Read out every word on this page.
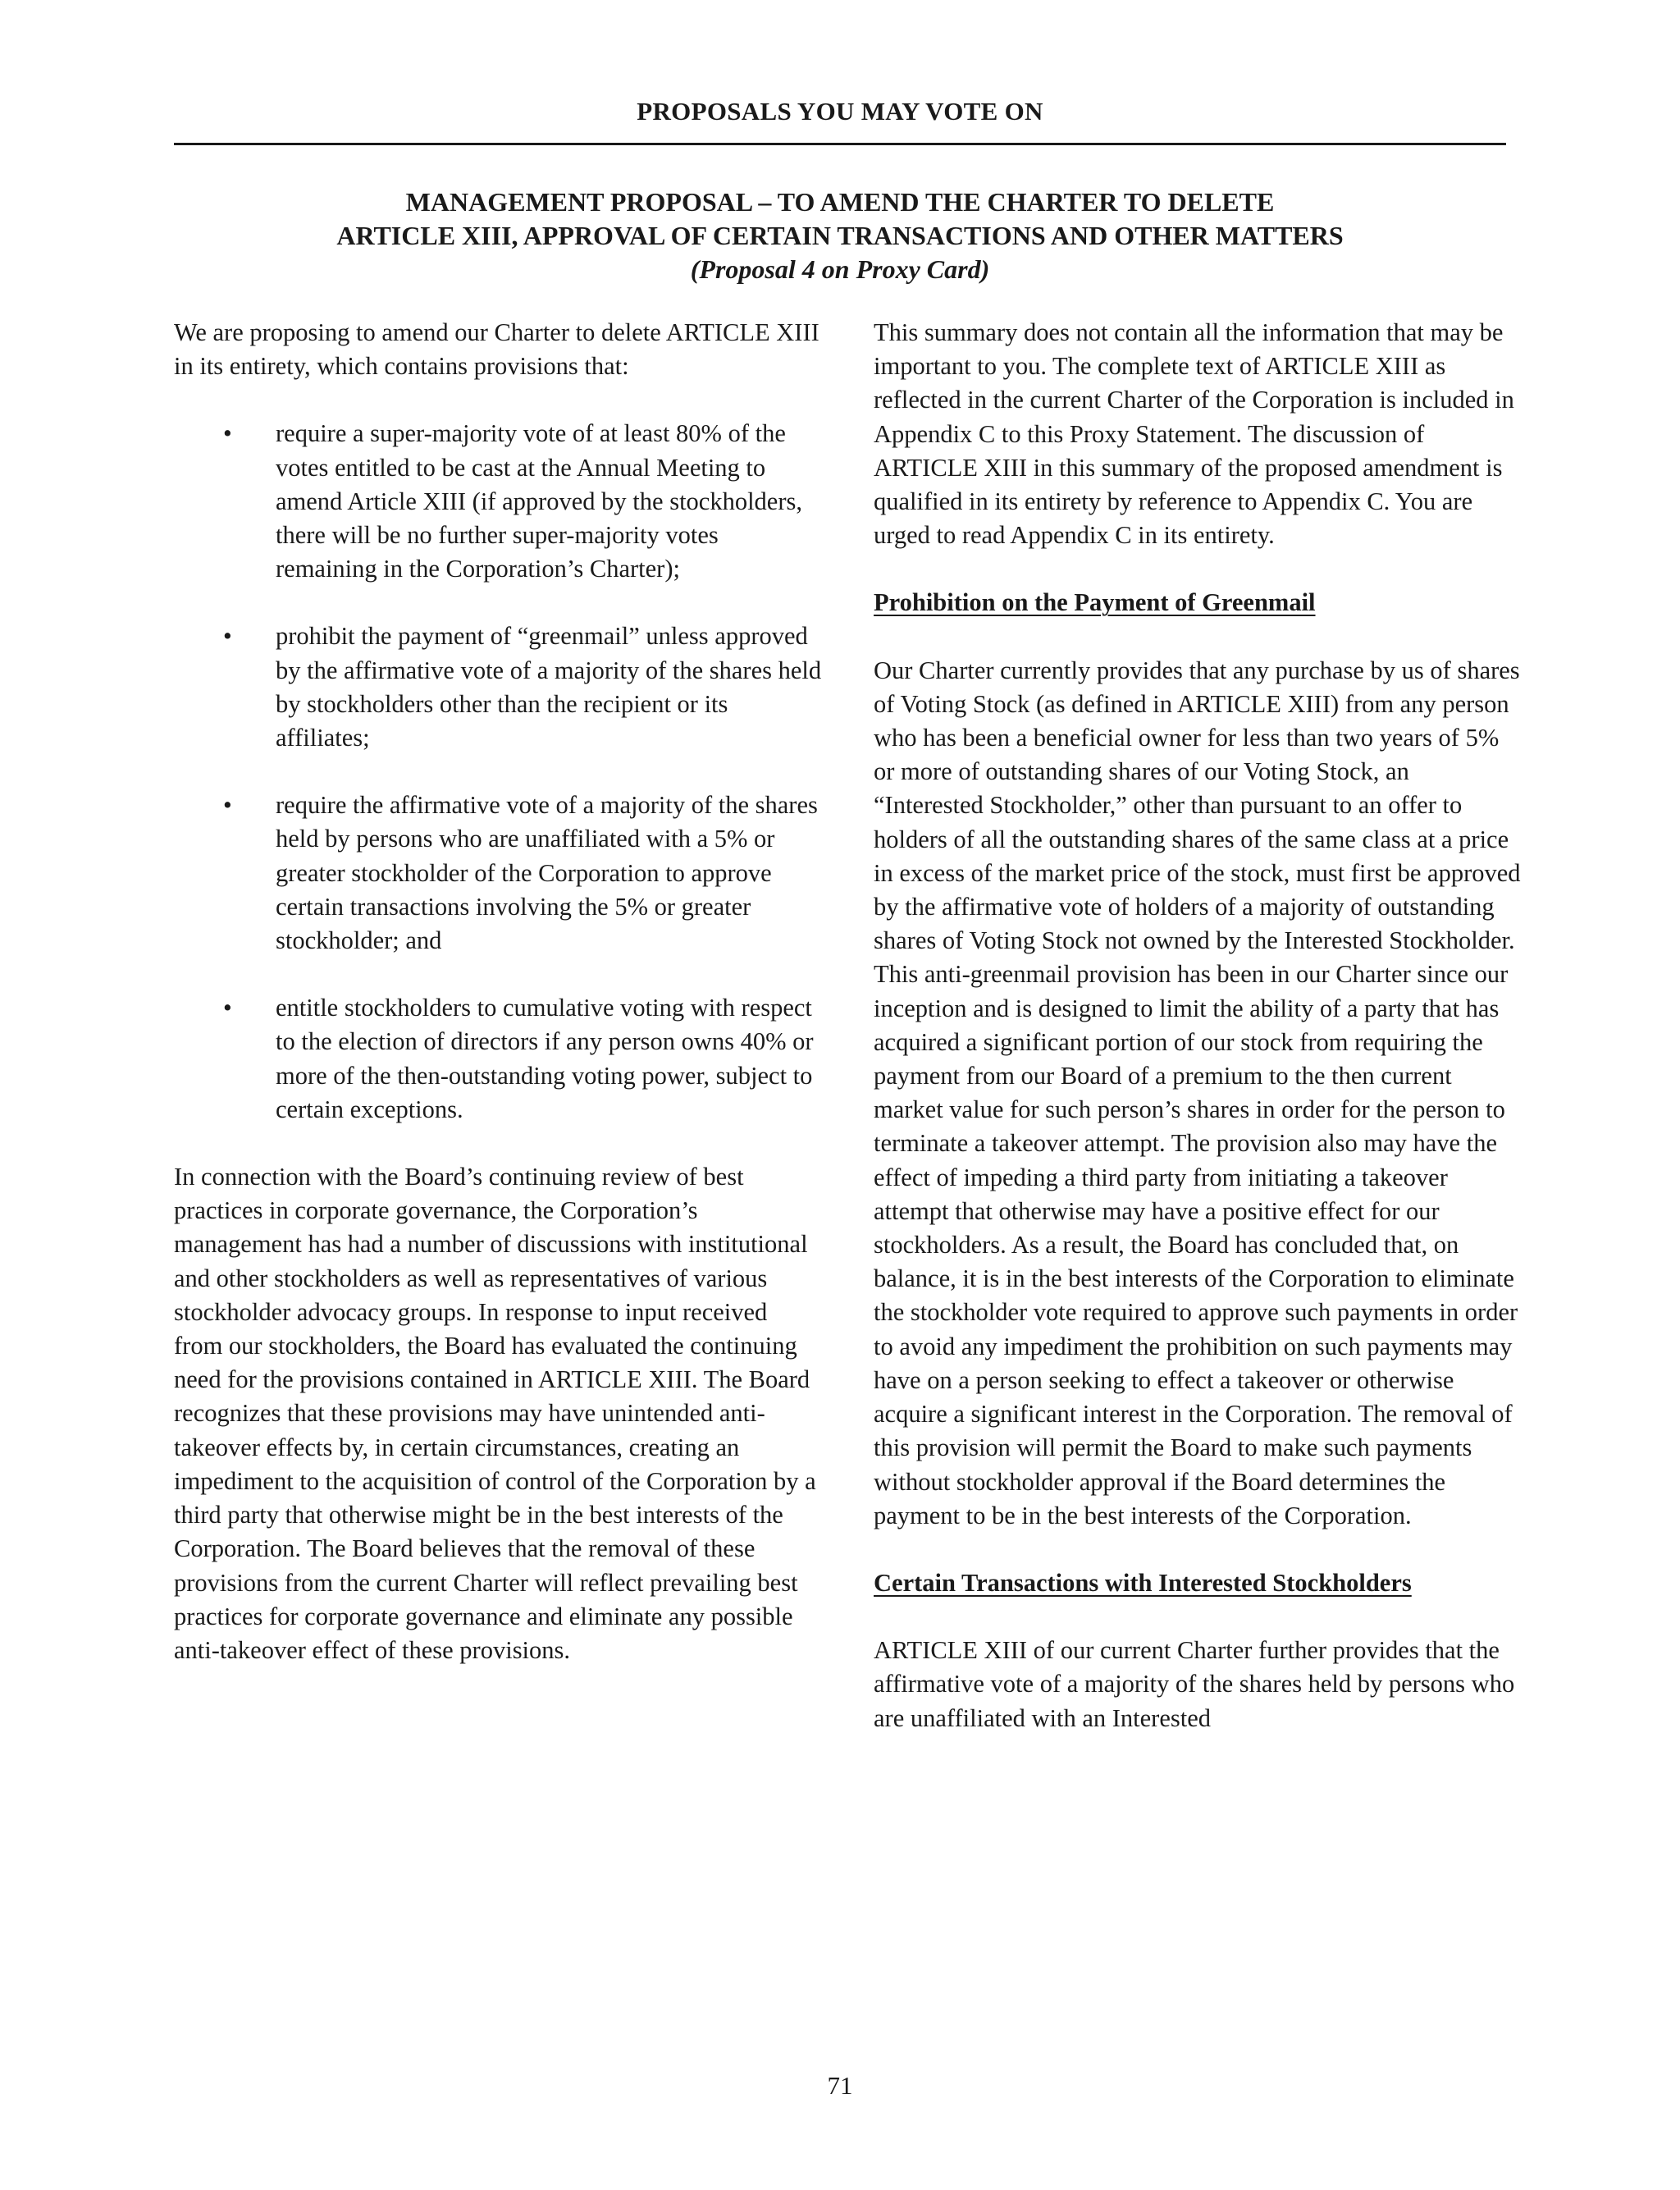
PROPOSALS YOU MAY VOTE ON
MANAGEMENT PROPOSAL – TO AMEND THE CHARTER TO DELETE
ARTICLE XIII, APPROVAL OF CERTAIN TRANSACTIONS AND OTHER MATTERS
(Proposal 4 on Proxy Card)

We are proposing to amend our Charter to delete ARTICLE XIII in its entirety, which contains provisions that:

• require a super-majority vote of at least 80% of the votes entitled to be cast at the Annual Meeting to amend Article XIII (if approved by the stockholders, there will be no further super-majority votes remaining in the Corporation’s Charter);
• prohibit the payment of “greenmail” unless approved by the affirmative vote of a majority of the shares held by stockholders other than the recipient or its affiliates;
• require the affirmative vote of a majority of the shares held by persons who are unaffiliated with a 5% or greater stockholder of the Corporation to approve certain transactions involving the 5% or greater stockholder; and
• entitle stockholders to cumulative voting with respect to the election of directors if any person owns 40% or more of the then-outstanding voting power, subject to certain exceptions.

In connection with the Board’s continuing review of best practices in corporate governance, the Corporation’s management has had a number of discussions with institutional and other stockholders as well as representatives of various stockholder advocacy groups. In response to input received from our stockholders, the Board has evaluated the continuing need for the provisions contained in ARTICLE XIII. The Board recognizes that these provisions may have unintended anti-takeover effects by, in certain circumstances, creating an impediment to the acquisition of control of the Corporation by a third party that otherwise might be in the best interests of the Corporation. The Board believes that the removal of these provisions from the current Charter will reflect prevailing best practices for corporate governance and eliminate any possible anti-takeover effect of these provisions.

This summary does not contain all the information that may be important to you. The complete text of ARTICLE XIII as reflected in the current Charter of the Corporation is included in Appendix C to this Proxy Statement. The discussion of ARTICLE XIII in this summary of the proposed amendment is qualified in its entirety by reference to Appendix C. You are urged to read Appendix C in its entirety.

Prohibition on the Payment of Greenmail

Our Charter currently provides that any purchase by us of shares of Voting Stock (as defined in ARTICLE XIII) from any person who has been a beneficial owner for less than two years of 5% or more of outstanding shares of our Voting Stock, an “Interested Stockholder,” other than pursuant to an offer to holders of all the outstanding shares of the same class at a price in excess of the market price of the stock, must first be approved by the affirmative vote of holders of a majority of outstanding shares of Voting Stock not owned by the Interested Stockholder. This anti-greenmail provision has been in our Charter since our inception and is designed to limit the ability of a party that has acquired a significant portion of our stock from requiring the payment from our Board of a premium to the then current market value for such person’s shares in order for the person to terminate a takeover attempt. The provision also may have the effect of impeding a third party from initiating a takeover attempt that otherwise may have a positive effect for our stockholders. As a result, the Board has concluded that, on balance, it is in the best interests of the Corporation to eliminate the stockholder vote required to approve such payments in order to avoid any impediment the prohibition on such payments may have on a person seeking to effect a takeover or otherwise acquire a significant interest in the Corporation. The removal of this provision will permit the Board to make such payments without stockholder approval if the Board determines the payment to be in the best interests of the Corporation.

Certain Transactions with Interested Stockholders

ARTICLE XIII of our current Charter further provides that the affirmative vote of a majority of the shares held by persons who are unaffiliated with an Interested

71
